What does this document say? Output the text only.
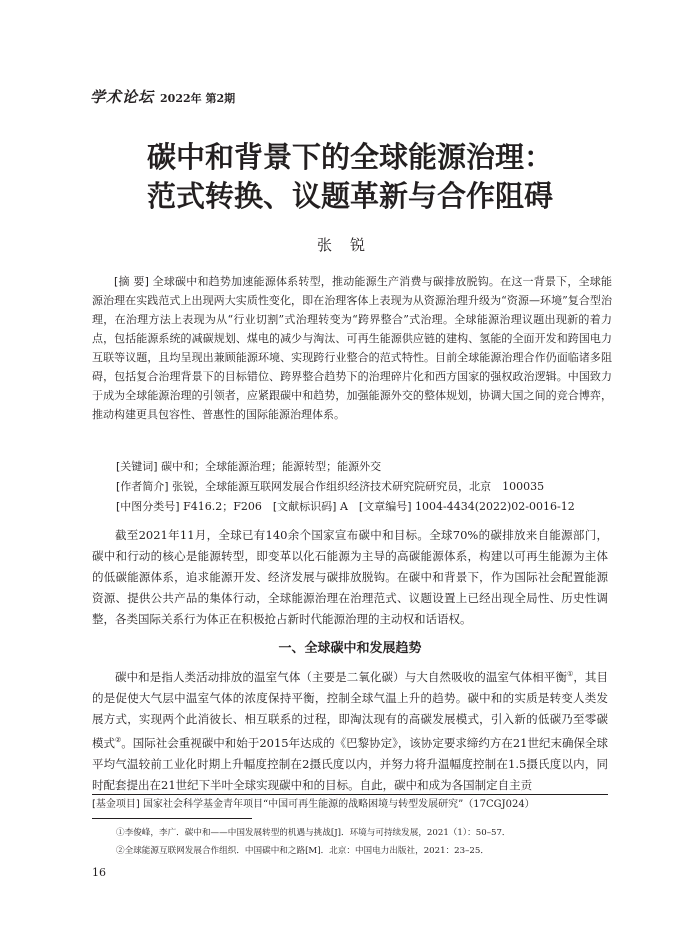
学术论坛 2022年 第2期
碳中和背景下的全球能源治理：
范式转换、议题革新与合作阻碍
张锐
[摘 要] 全球碳中和趋势加速能源体系转型，推动能源生产消费与碳排放脱钩。在这一背景下，全球能源治理在实践范式上出现两大实质性变化，即在治理客体上表现为从资源治理升级为“资源—环境”复合型治理，在治理方法上表现为从“行业切割”式治理转变为“跨界整合”式治理。全球能源治理议题出现新的着力点，包括能源系统的减碳规划、煤电的减少与淘汰、可再生能源供应链的建构、氢能的全面开发和跨国电力互联等议题，且均呈现出兼顾能源环境、实现跨行业整合的范式特性。目前全球能源治理合作仍面临诸多阻碍，包括复合治理背景下的目标错位、跨界整合趋势下的治理碎片化和西方国家的强权政治逻辑。中国致力于成为全球能源治理的引领者，应紧跟碳中和趋势，加强能源外交的整体规划，协调大国之间的竞合博弈，推动构建更具包容性、普惠性的国际能源治理体系。
[关键词] 碳中和；全球能源治理；能源转型；能源外交
[作者简介] 张锐，全球能源互联网发展合作组织经济技术研究院研究员，北京　100035
[中图分类号] F416.2；F206  [文献标识码] A  [文章编号] 1004-4434(2022)02-0016-12
截至2021年11月，全球已有140余个国家宣布碳中和目标。全球70%的碳排放来自能源部门，碳中和行动的核心是能源转型，即变革以化石能源为主导的高碳能源体系，构建以可再生能源为主体的低碳能源体系，追求能源开发、经济发展与碳排放脱钩。在碳中和背景下，作为国际社会配置能源资源、提供公共产品的集体行动，全球能源治理在治理范式、议题设置上已经出现全局性、历史性调整，各类国际关系行为体正在积极抢占新时代能源治理的主动权和话语权。
一、全球碳中和发展趋势
碳中和是指人类活动排放的温室气体（主要是二氧化碳）与大自然吸收的温室气体相平衡①，其目的是促使大气层中温室气体的浓度保持平衡，控制全球气温上升的趋势。碳中和的实质是转变人类发展方式，实现两个此消彼长、相互联系的过程，即淘汰现有的高碳发展模式，引入新的低碳乃至零碳模式②。国际社会重视碳中和始于2015年达成的《巴黎协定》，该协定要求缔约方在21世纪末确保全球平均气温较前工业化时期上升幅度控制在2摄氏度以内，并努力将升温幅度控制在1.5摄氏度以内，同时配套提出在21世纪下半叶全球实现碳中和的目标。自此，碳中和成为各国制定自主贡
[基金项目] 国家社会科学基金青年项目“中国可再生能源的战略困境与转型发展研究”（17CGJ024）
①李俊峰，李广．碳中和——中国发展转型的机遇与挑战[J]．环境与可持续发展，2021（1）：50–57．
②全球能源互联网发展合作组织．中国碳中和之路[M]．北京：中国电力出版社，2021：23–25．
16
